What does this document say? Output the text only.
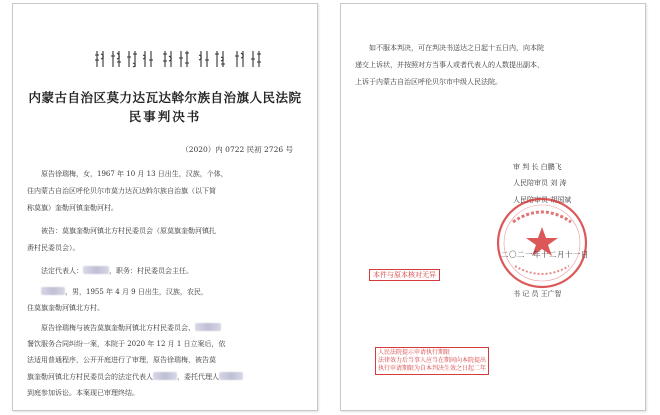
内蒙古自治区莫力达瓦达斡尔族自治旗人民法院
民事判决书
（2020）内 0722 民初 2726 号
原告徐瑞梅，女，1967 年 10 月 13 日出生，汉族，个体，
住内蒙古自治区呼伦贝尔市莫力达瓦达斡尔族自治旗（以下简
称莫旗）奎勒河镇奎勒河村。
被告：莫旗奎勒河镇北方村民委员会（原莫旗奎勒河镇扎
赉村民委员会）。
法定代表人：	，职务：村民委员会主任。
，男，1955 年 4 月 9 日出生，汉族，农民，
住莫旗奎勒河镇北方村。
原告徐瑞梅与被告莫旗奎勒河镇北方村民委员会、
餐饮服务合同纠纷一案，本院于 2020 年 12 月 1 日立案后，依
法适用普通程序，公开开庭进行了审理，原告徐瑞梅，被告莫
旗奎勒河镇北方村民委员会的法定代表人	，委托代理人
到庭参加诉讼。本案现已审理终结。
如不服本判决，可在判决书送达之日起十五日内，向本院
递交上诉状，并按照对方当事人或者代表人的人数提出副本，
上诉于内蒙古自治区呼伦贝尔市中级人民法院。
审 判 长 白鹏飞
人民陪审员 刘 涛
人民陪审员 胡国斌
二〇二一年十二月十一日
本件与原本核对无异
书 记 员 王广智
人民法院提示申请执行期限
法律效力后当事人应当在期间向本院提出
执行申请期限为自本判决生效之日起二年
